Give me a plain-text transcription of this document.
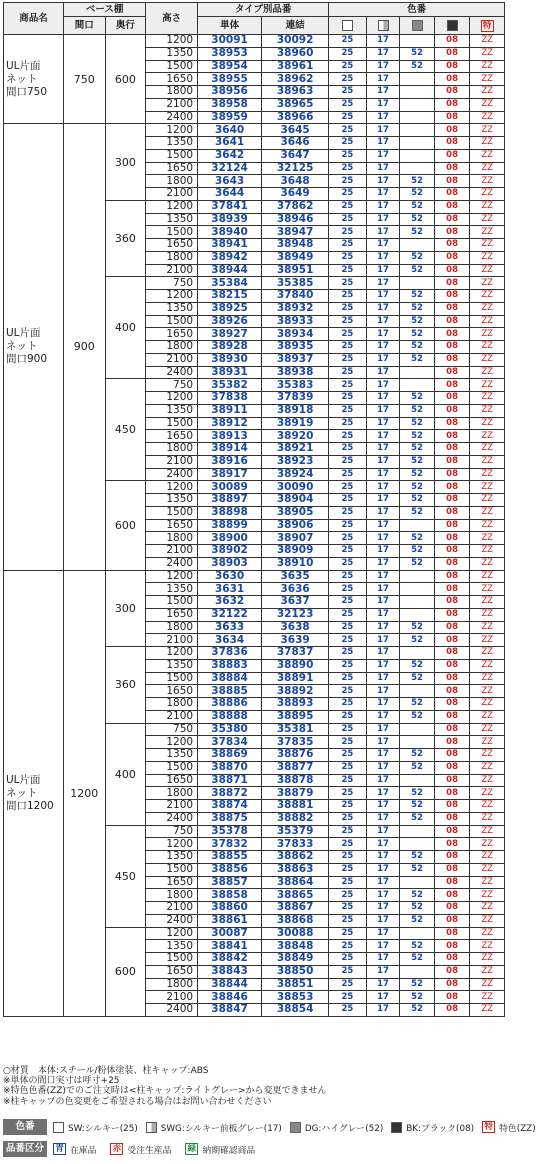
商品名	ベース棚		高さ	タイプ別品番		色番				
	間口	奥行		単体	連結					特
UL片面
ネット
間口750	750	600	1200	30091	30092	25	17		08	ZZ
			1350	38953	38960	25	17	52	08	ZZ
			1500	38954	38961	25	17	52	08	ZZ
			1650	38955	38962	25	17		08	ZZ
			1800	38956	38963	25	17		08	ZZ
			2100	38958	38965	25	17		08	ZZ
			2400	38959	38966	25	17		08	ZZ
UL片面
ネット
間口900	900	300	1200	3640	3645	25	17		08	ZZ
			1350	3641	3646	25	17		08	ZZ
			1500	3642	3647	25	17		08	ZZ
			1650	32124	32125	25	17		08	ZZ
			1800	3643	3648	25	17	52	08	ZZ
			2100	3644	3649	25	17	52	08	ZZ
		360	1200	37841	37862	25	17	52	08	ZZ
			1350	38939	38946	25	17	52	08	ZZ
			1500	38940	38947	25	17	52	08	ZZ
			1650	38941	38948	25	17		08	ZZ
			1800	38942	38949	25	17	52	08	ZZ
			2100	38944	38951	25	17	52	08	ZZ
		400	750	35384	35385	25	17		08	ZZ
			1200	38215	37840	25	17	52	08	ZZ
			1350	38925	38932	25	17	52	08	ZZ
			1500	38926	38933	25	17	52	08	ZZ
			1650	38927	38934	25	17	52	08	ZZ
			1800	38928	38935	25	17	52	08	ZZ
			2100	38930	38937	25	17	52	08	ZZ
			2400	38931	38938	25	17		08	ZZ
		450	750	35382	35383	25	17		08	ZZ
			1200	37838	37839	25	17	52	08	ZZ
			1350	38911	38918	25	17	52	08	ZZ
			1500	38912	38919	25	17	52	08	ZZ
			1650	38913	38920	25	17	52	08	ZZ
			1800	38914	38921	25	17	52	08	ZZ
			2100	38916	38923	25	17	52	08	ZZ
			2400	38917	38924	25	17	52	08	ZZ
		600	1200	30089	30090	25	17	52	08	ZZ
			1350	38897	38904	25	17	52	08	ZZ
			1500	38898	38905	25	17	52	08	ZZ
			1650	38899	38906	25	17		08	ZZ
			1800	38900	38907	25	17	52	08	ZZ
			2100	38902	38909	25	17	52	08	ZZ
			2400	38903	38910	25	17	52	08	ZZ
UL片面
ネット
間口1200	1200	300	1200	3630	3635	25	17		08	ZZ
			1350	3631	3636	25	17		08	ZZ
			1500	3632	3637	25	17		08	ZZ
			1650	32122	32123	25	17		08	ZZ
			1800	3633	3638	25	17	52	08	ZZ
			2100	3634	3639	25	17	52	08	ZZ
		360	1200	37836	37837	25	17		08	ZZ
			1350	38883	38890	25	17	52	08	ZZ
			1500	38884	38891	25	17	52	08	ZZ
			1650	38885	38892	25	17		08	ZZ
			1800	38886	38893	25	17	52	08	ZZ
			2100	38888	38895	25	17	52	08	ZZ
		400	750	35380	35381	25	17		08	ZZ
			1200	37834	37835	25	17		08	ZZ
			1350	38869	38876	25	17	52	08	ZZ
			1500	38870	38877	25	17	52	08	ZZ
			1650	38871	38878	25	17		08	ZZ
			1800	38872	38879	25	17	52	08	ZZ
			2100	38874	38881	25	17	52	08	ZZ
			2400	38875	38882	25	17	52	08	ZZ
		450	750	35378	35379	25	17		08	ZZ
			1200	37832	37833	25	17		08	ZZ
			1350	38855	38862	25	17	52	08	ZZ
			1500	38856	38863	25	17	52	08	ZZ
			1650	38857	38864	25	17		08	ZZ
			1800	38858	38865	25	17	52	08	ZZ
			2100	38860	38867	25	17	52	08	ZZ
			2400	38861	38868	25	17	52	08	ZZ
		600	1200	30087	30088	25	17		08	ZZ
			1350	38841	38848	25	17	52	08	ZZ
			1500	38842	38849	25	17	52	08	ZZ
			1650	38843	38850	25	17		08	ZZ
			1800	38844	38851	25	17	52	08	ZZ
			2100	38846	38853	25	17	52	08	ZZ
			2400	38847	38854	25	17	52	08	ZZ
○材質　本体:スチール/粉体塗装、柱キャップ:ABS
※単体の間口実寸は呼寸+25
※特色色番(ZZ)でのご注文時は<柱キャップ:ライトグレー>から変更できません
※柱キャップの色変更をご希望される場合はお問い合わせください
色番	SW:シルキー(25)	SWG:シルキー前板グレー(17)	DG:ハイグレー(52)	BK:ブラック(08) 特 特色(ZZ)
品番区分	青 在庫品 赤 受注生産品 緑 納期確認商品
